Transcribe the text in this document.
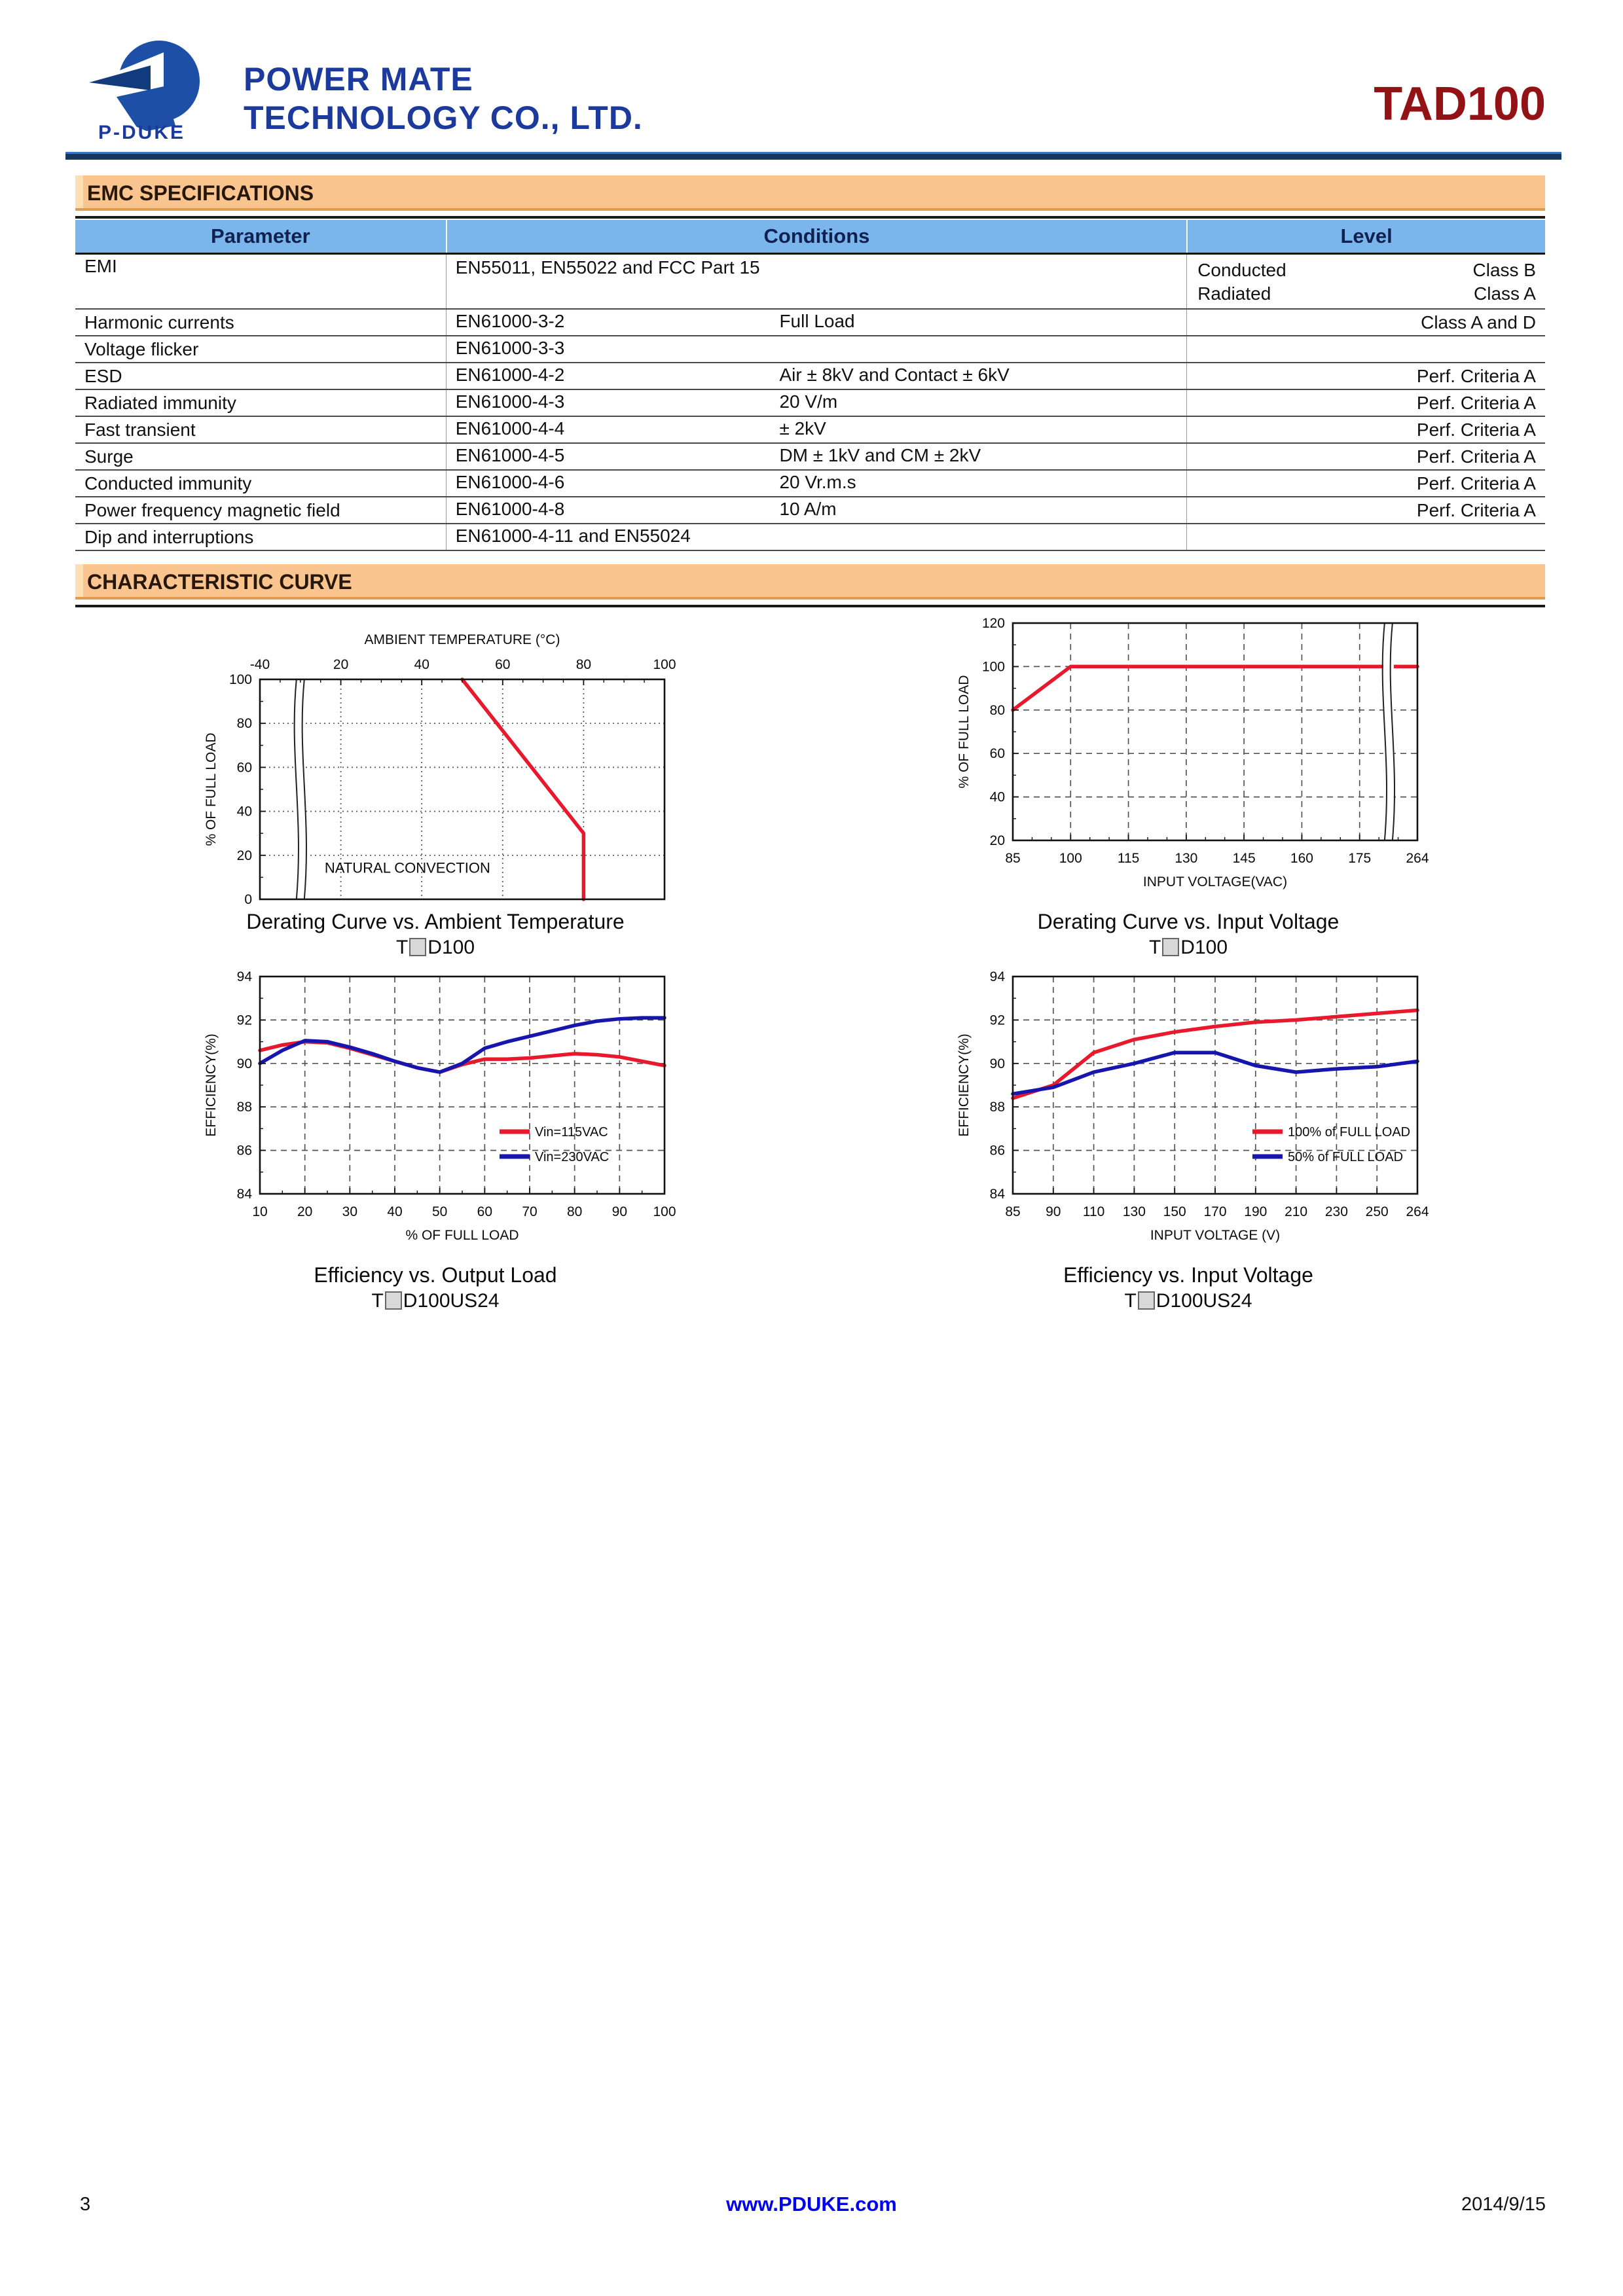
P-DUKE
POWER MATE
TECHNOLOGY CO., LTD.	TAD100
EMC SPECIFICATIONS
Parameter	Conditions	Level
EMI	EN55011, EN55022 and FCC Part 15	Conducted	Class B
Radiated	Class A
Harmonic currents	EN61000-3-2	Full Load	Class A and D
Voltage flicker	EN61000-3-3
ESD	EN61000-4-2	Air ± 8kV and Contact ± 6kV	Perf. Criteria A
Radiated immunity	EN61000-4-3	20 V/m	Perf. Criteria A
Fast transient	EN61000-4-4	± 2kV	Perf. Criteria A
Surge	EN61000-4-5	DM ± 1kV and CM ± 2kV	Perf. Criteria A
Conducted immunity	EN61000-4-6	20 Vr.m.s	Perf. Criteria A
Power frequency magnetic field	EN61000-4-8	10 A/m	Perf. Criteria A
Dip and interruptions	EN61000-4-11 and EN55024
CHARACTERISTIC CURVE
-40	20	40	60	80	100
0
20
40
60
80
100
AMBIENT TEMPERATURE (°C)
% OF FULL LOAD
NATURAL CONVECTION
Derating Curve vs. Ambient Temperature
T D100
85	100	115	130	145	160	175	264
20
40
60
80
100
120
INPUT VOLTAGE(VAC)
% OF FULL LOAD
Derating Curve vs. Input Voltage
T D100
10 20 30 40 50 60 70 80 90 100
84
86
88
90
92
94
% OF FULL LOAD
EFFICIENCY(%)	Vin=115VAC
Vin=230VAC
Efficiency vs. Output Load
T D100US24
85 90 110 130 150 170 190 210 230 250 264
84
86
88
90
92
94
INPUT VOLTAGE (V)
EFFICIENCY(%)	100% of FULL LOAD
50% of FULL LOAD
Efficiency vs. Input Voltage
T D100US24
3	www.PDUKE.com	2014/9/15
